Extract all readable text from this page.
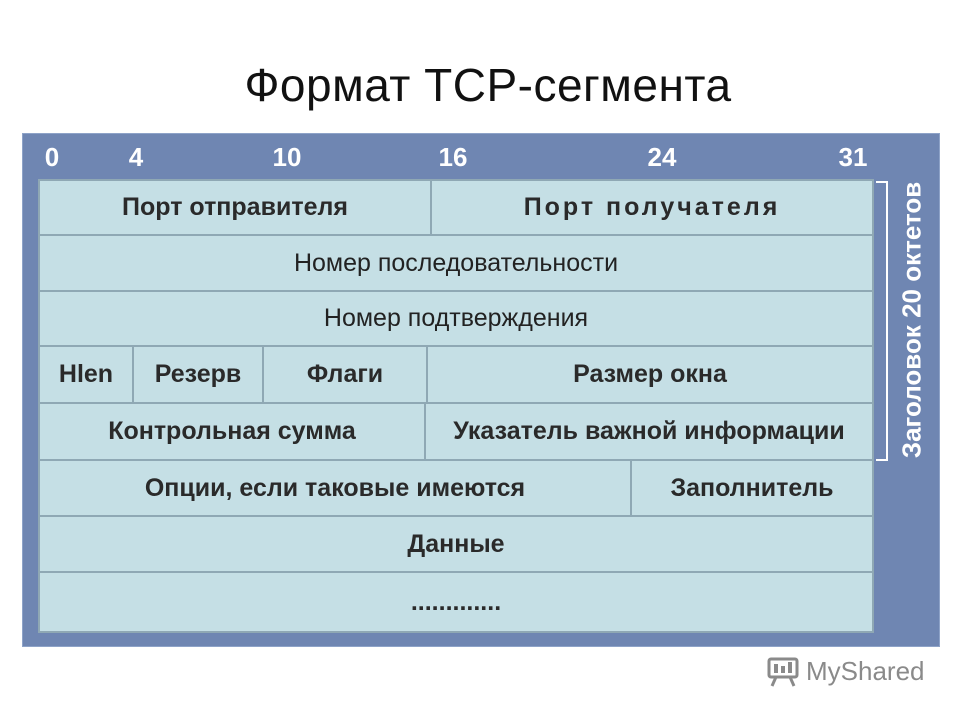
Формат TCP-сегмента
0	4	10	16	24	31
Порт отправителя	Порт получателя
Номер последовательности
Номер подтверждения
Hlen	Резерв	Флаги	Размер окна
Контрольная сумма	Указатель важной информации
Опции, если таковые имеются	Заполнитель
Данные
.............
Заголовок 20 октетов
MyShared
